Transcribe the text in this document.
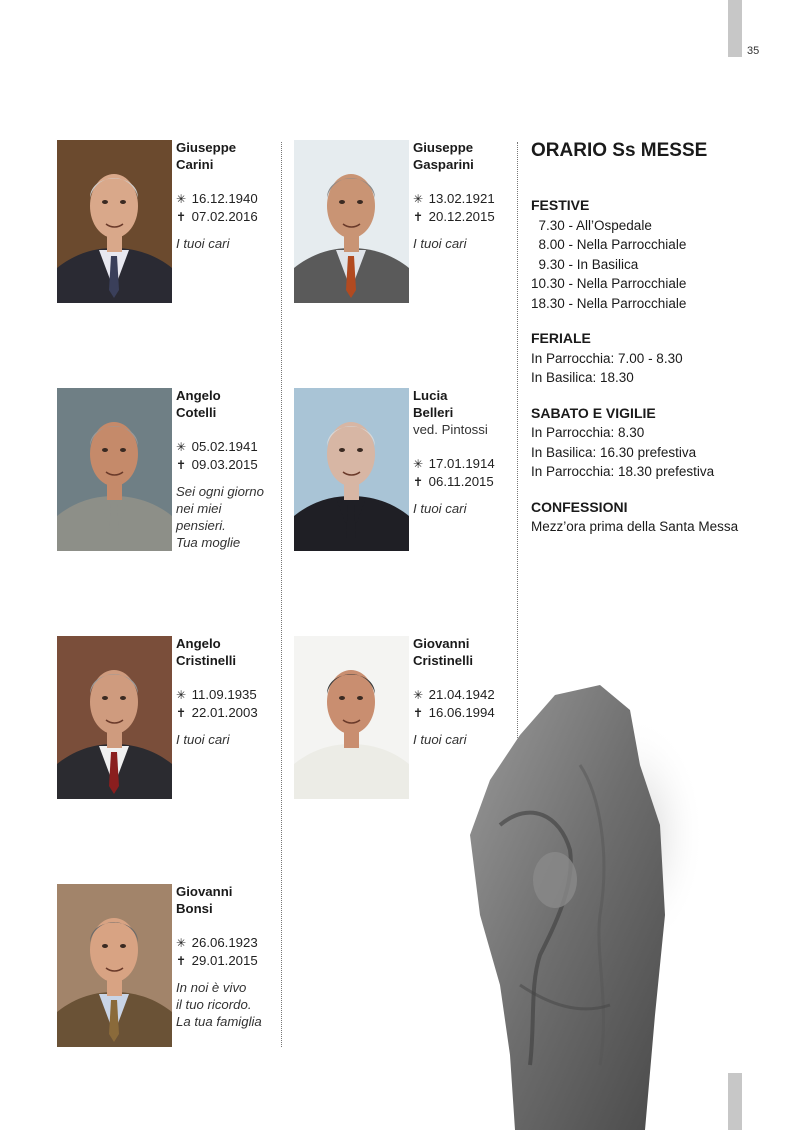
35
Giuseppe
Carini
✳ 16.12.1940
✝ 07.02.2016
I tuoi cari
Giuseppe
Gasparini
✳ 13.02.1921
✝ 20.12.2015
I tuoi cari
Angelo
Cotelli
✳ 05.02.1941
✝ 09.03.2015
Sei ogni giorno
nei miei
pensieri.
Tua moglie
Lucia
Belleri
ved. Pintossi
✳ 17.01.1914
✝ 06.11.2015
I tuoi cari
Angelo
Cristinelli
✳ 11.09.1935
✝ 22.01.2003
I tuoi cari
Giovanni
Cristinelli
✳ 21.04.1942
✝ 16.06.1994
I tuoi cari
Giovanni
Bonsi
✳ 26.06.1923
✝ 29.01.2015
In noi è vivo
il tuo ricordo.
La tua famiglia
ORARIO Ss MESSE
FESTIVE
7.30 - All’Ospedale
8.00 - Nella Parrocchiale
9.30 - In Basilica
10.30 - Nella Parrocchiale
18.30 - Nella Parrocchiale
FERIALE
In Parrocchia: 7.00 - 8.30
In Basilica: 18.30
SABATO E VIGILIE
In Parrocchia: 8.30
In Basilica: 16.30 prefestiva
In Parrocchia: 18.30 prefestiva
CONFESSIONI
Mezz’ora prima della Santa Messa
